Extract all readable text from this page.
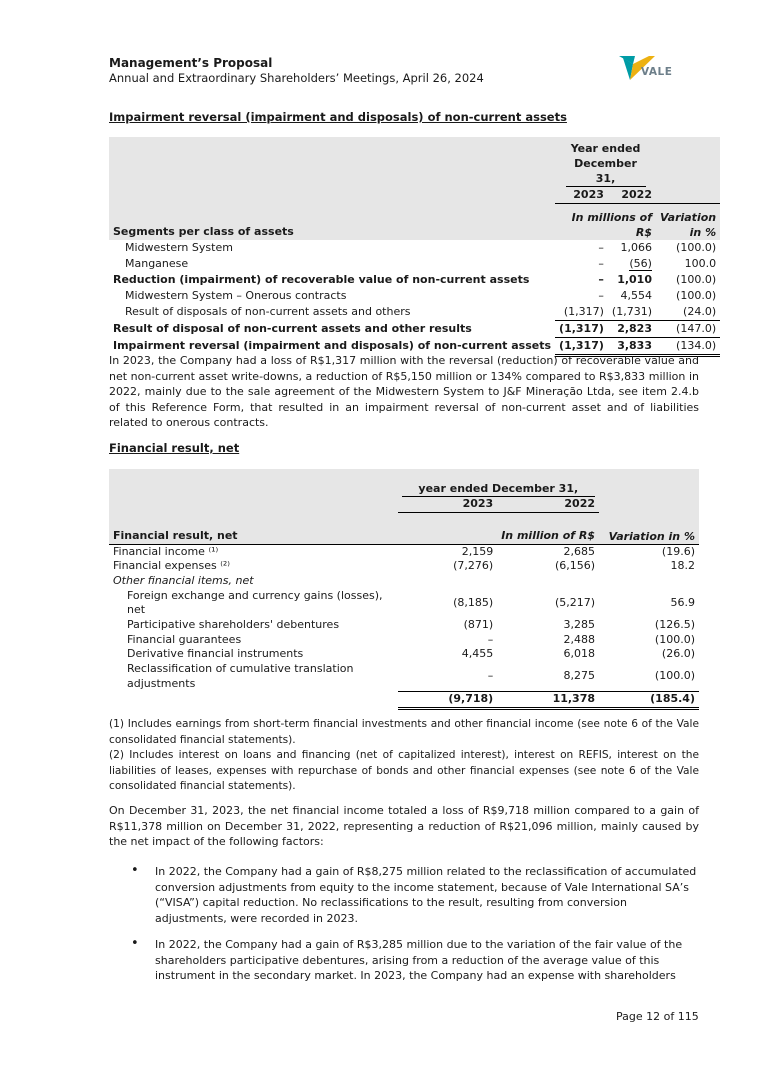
Management’s Proposal
Annual and Extraordinary Shareholders’ Meetings, April 26, 2024	VALE
Impairment reversal (impairment and disposals) of non-current assets
	Year ended December 31,		
	2023	2022	
Segments per class of assets	In millions of R$		Variation in %
Midwestern System	–	1,066	(100.0)
Manganese	–	(56)	100.0
Reduction (impairment) of recoverable value of non-current assets	–	1,010	(100.0)
Midwestern System – Onerous contracts	–	4,554	(100.0)
Result of disposals of non-current assets and others	(1,317)	(1,731)	(24.0)
Result of disposal of non-current assets and other results	(1,317)	2,823	(147.0)
Impairment reversal (impairment and disposals) of non-current assets	(1,317)	3,833	(134.0)
In 2023, the Company had a loss of R$1,317 million with the reversal (reduction) of recoverable value and net non-current asset write-downs, a reduction of R$5,150 million or 134% compared to R$3,833 million in 2022, mainly due to the sale agreement of the Midwestern System to J&F Mineração Ltda, see item 2.4.b of this Reference Form, that resulted in an impairment reversal of non-current asset and of liabilities related to onerous contracts.
Financial result, net

	year ended December 31,		

	2023	2022	
Financial result, net		In million of R$	Variation in %
Financial income ⁽¹⁾	2,159	2,685	(19.6)
Financial expenses ⁽²⁾	(7,276)	(6,156)	18.2
Other financial items, net			
Foreign exchange and currency gains (losses), net	(8,185)	(5,217)	56.9
Participative shareholders' debentures	(871)	3,285	(126.5)
Financial guarantees	–	2,488	(100.0)
Derivative financial instruments	4,455	6,018	(26.0)
Reclassification of cumulative translation adjustments	–	8,275	(100.0)
	(9,718)	11,378	(185.4)
(1) Includes earnings from short-term financial investments and other financial income (see note 6 of the Vale consolidated financial statements).
(2) Includes interest on loans and financing (net of capitalized interest), interest on REFIS, interest on the liabilities of leases, expenses with repurchase of bonds and other financial expenses (see note 6 of the Vale consolidated financial statements).
On December 31, 2023, the net financial income totaled a loss of R$9,718 million compared to a gain of R$11,378 million on December 31, 2022, representing a reduction of R$21,096 million, mainly caused by the net impact of the following factors:
• In 2022, the Company had a gain of R$8,275 million related to the reclassification of accumulated conversion adjustments from equity to the income statement, because of Vale International SA’s (“VISA”) capital reduction. No reclassifications to the result, resulting from conversion adjustments, were recorded in 2023.
• In 2022, the Company had a gain of R$3,285 million due to the variation of the fair value of the shareholders participative debentures, arising from a reduction of the average value of this instrument in the secondary market. In 2023, the Company had an expense with shareholders
Page 12 of 115
